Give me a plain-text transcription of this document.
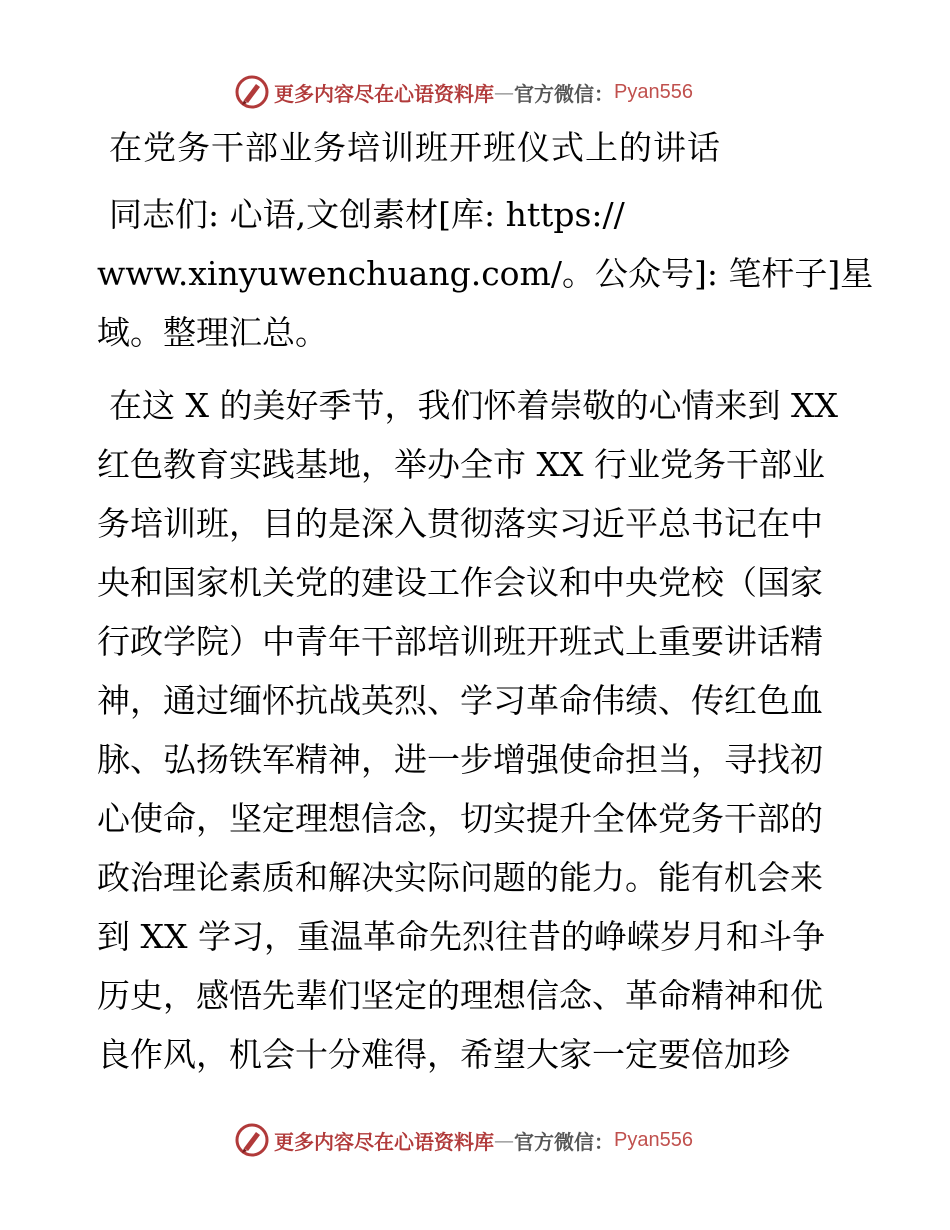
更多内容尽在心语资料库 — 官方微信： Pyan556
在党务干部业务培训班开班仪式上的讲话
同志们: 心语,文创素材[库: https://
www.xinyuwenchuang.com/。公众号]: 笔杆子]星
域。整理汇总。
在这 X 的美好季节，我们怀着崇敬的心情来到 XX
红色教育实践基地，举办全市 XX 行业党务干部业
务培训班，目的是深入贯彻落实习近平总书记在中
央和国家机关党的建设工作会议和中央党校（国家
行政学院）中青年干部培训班开班式上重要讲话精
神，通过缅怀抗战英烈、学习革命伟绩、传红色血
脉、弘扬铁军精神，进一步增强使命担当，寻找初
心使命，坚定理想信念，切实提升全体党务干部的
政治理论素质和解决实际问题的能力。能有机会来
到 XX 学习，重温革命先烈往昔的峥嵘岁月和斗争
历史，感悟先辈们坚定的理想信念、革命精神和优
良作风，机会十分难得，希望大家一定要倍加珍
更多内容尽在心语资料库 — 官方微信： Pyan556
